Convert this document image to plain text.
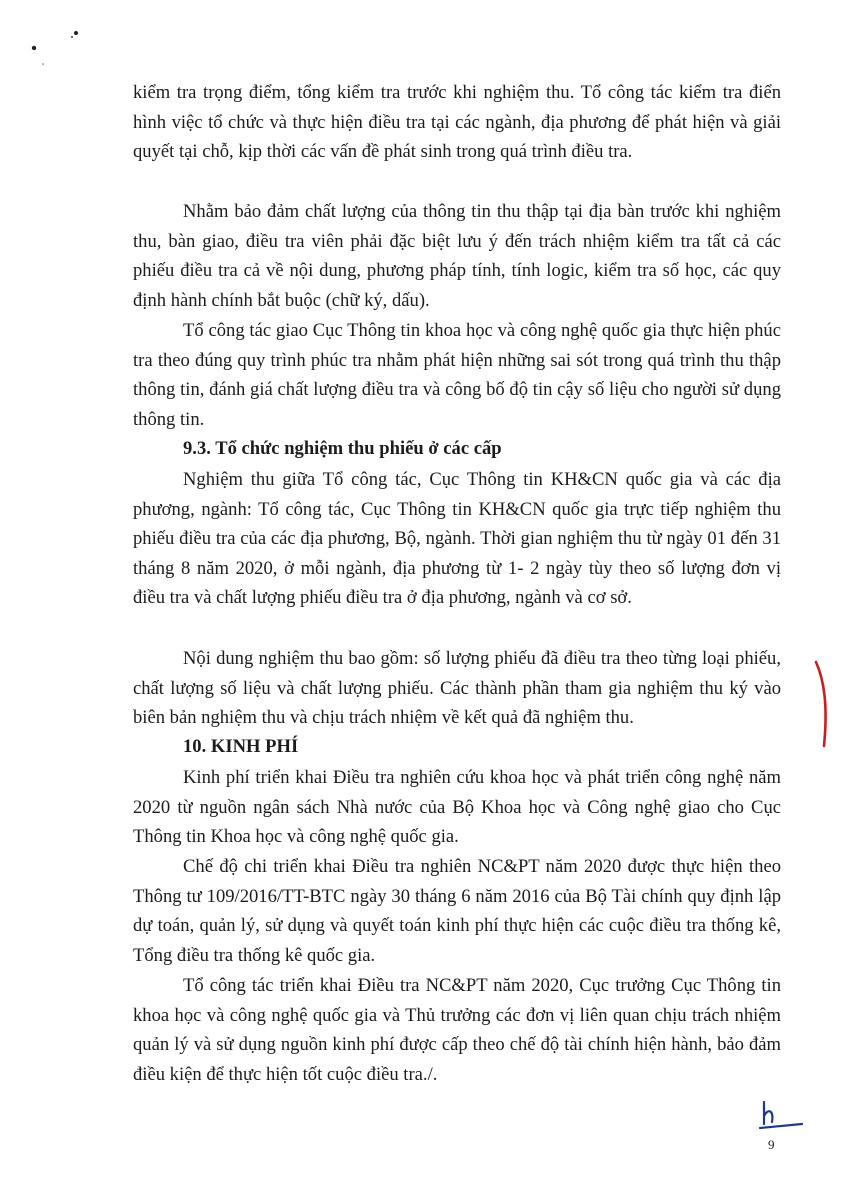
kiểm tra trọng điểm, tổng kiểm tra trước khi nghiệm thu. Tổ công tác kiểm tra điển hình việc tổ chức và thực hiện điều tra tại các ngành, địa phương để phát hiện và giải quyết tại chỗ, kịp thời các vấn đề phát sinh trong quá trình điều tra.

Nhằm bảo đảm chất lượng của thông tin thu thập tại địa bàn trước khi nghiệm thu, bàn giao, điều tra viên phải đặc biệt lưu ý đến trách nhiệm kiểm tra tất cả các phiếu điều tra cả về nội dung, phương pháp tính, tính logic, kiểm tra số học, các quy định hành chính bắt buộc (chữ ký, dấu).

Tổ công tác giao Cục Thông tin khoa học và công nghệ quốc gia thực hiện phúc tra theo đúng quy trình phúc tra nhằm phát hiện những sai sót trong quá trình thu thập thông tin, đánh giá chất lượng điều tra và công bố độ tin cậy số liệu cho người sử dụng thông tin.

9.3. Tổ chức nghiệm thu phiếu ở các cấp

Nghiệm thu giữa Tổ công tác, Cục Thông tin KH&CN quốc gia và các địa phương, ngành: Tổ công tác, Cục Thông tin KH&CN quốc gia trực tiếp nghiệm thu phiếu điều tra của các địa phương, Bộ, ngành. Thời gian nghiệm thu từ ngày 01 đến 31 tháng 8 năm 2020, ở mỗi ngành, địa phương từ 1- 2 ngày tùy theo số lượng đơn vị điều tra và chất lượng phiếu điều tra ở địa phương, ngành và cơ sở.

Nội dung nghiệm thu bao gồm: số lượng phiếu đã điều tra theo từng loại phiếu, chất lượng số liệu và chất lượng phiếu. Các thành phần tham gia nghiệm thu ký vào biên bản nghiệm thu và chịu trách nhiệm về kết quả đã nghiệm thu.

10. KINH PHÍ

Kinh phí triển khai Điều tra nghiên cứu khoa học và phát triển công nghệ năm 2020 từ nguồn ngân sách Nhà nước của Bộ Khoa học và Công nghệ giao cho Cục Thông tin Khoa học và công nghệ quốc gia.

Chế độ chi triển khai Điều tra nghiên NC&PT năm 2020 được thực hiện theo Thông tư 109/2016/TT-BTC ngày 30 tháng 6 năm 2016 của Bộ Tài chính quy định lập dự toán, quản lý, sử dụng và quyết toán kinh phí thực hiện các cuộc điều tra thống kê, Tổng điều tra thống kê quốc gia.

Tổ công tác triển khai Điều tra NC&PT năm 2020, Cục trưởng Cục Thông tin khoa học và công nghệ quốc gia và Thủ trưởng các đơn vị liên quan chịu trách nhiệm quản lý và sử dụng nguồn kinh phí được cấp theo chế độ tài chính hiện hành, bảo đảm điều kiện để thực hiện tốt cuộc điều tra./.

9
